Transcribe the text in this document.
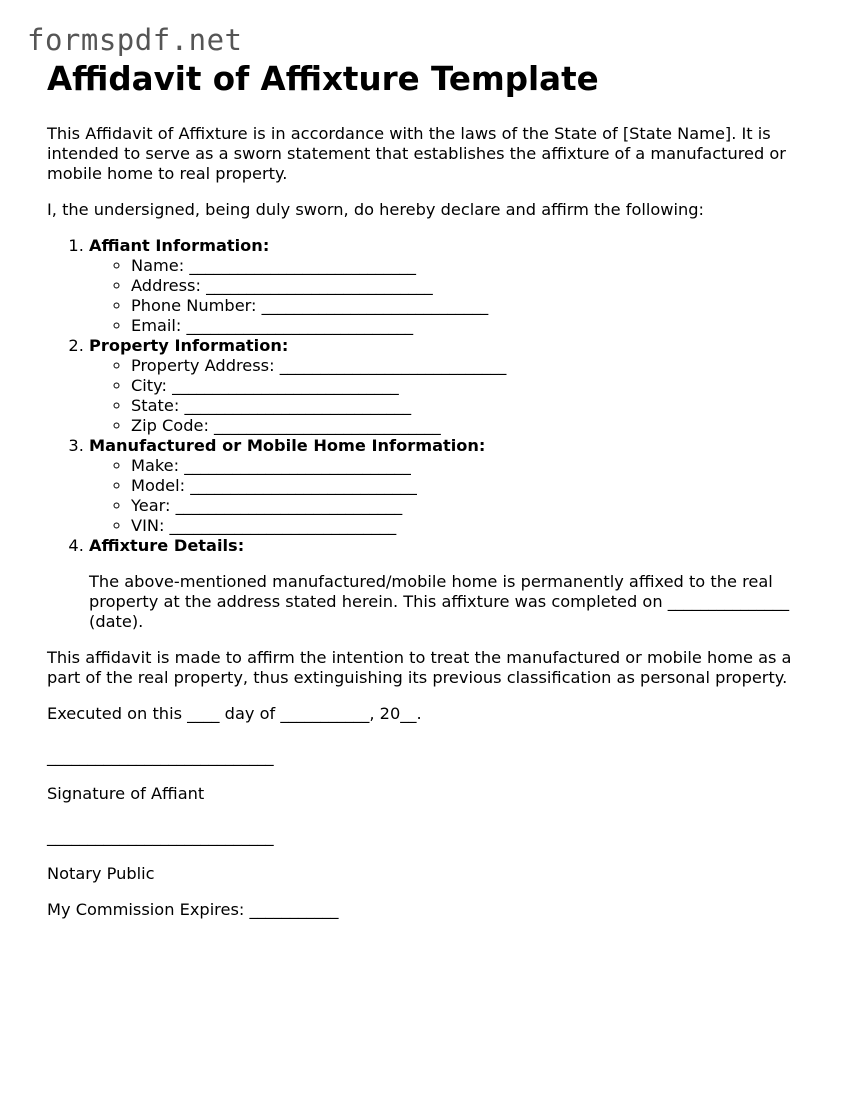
formspdf.net
Affidavit of Affixture Template

This Affidavit of Affixture is in accordance with the laws of the State of [State Name]. It is intended to serve as a sworn statement that establishes the affixture of a manufactured or mobile home to real property.

I, the undersigned, being duly sworn, do hereby declare and affirm the following:

1. Affiant Information:
◦ Name: ____________________________
◦ Address: ____________________________
◦ Phone Number: ____________________________
◦ Email: ____________________________
2. Property Information:
◦ Property Address: ____________________________
◦ City: ____________________________
◦ State: ____________________________
◦ Zip Code: ____________________________
3. Manufactured or Mobile Home Information:
◦ Make: ____________________________
◦ Model: ____________________________
◦ Year: ____________________________
◦ VIN: ____________________________
4. Affixture Details:

The above-mentioned manufactured/mobile home is permanently affixed to the real property at the address stated herein. This affixture was completed on _______________ (date).

This affidavit is made to affirm the intention to treat the manufactured or mobile home as a part of the real property, thus extinguishing its previous classification as personal property.

Executed on this ____ day of ___________, 20__.

____________________________

Signature of Affiant

____________________________

Notary Public

My Commission Expires: ___________
